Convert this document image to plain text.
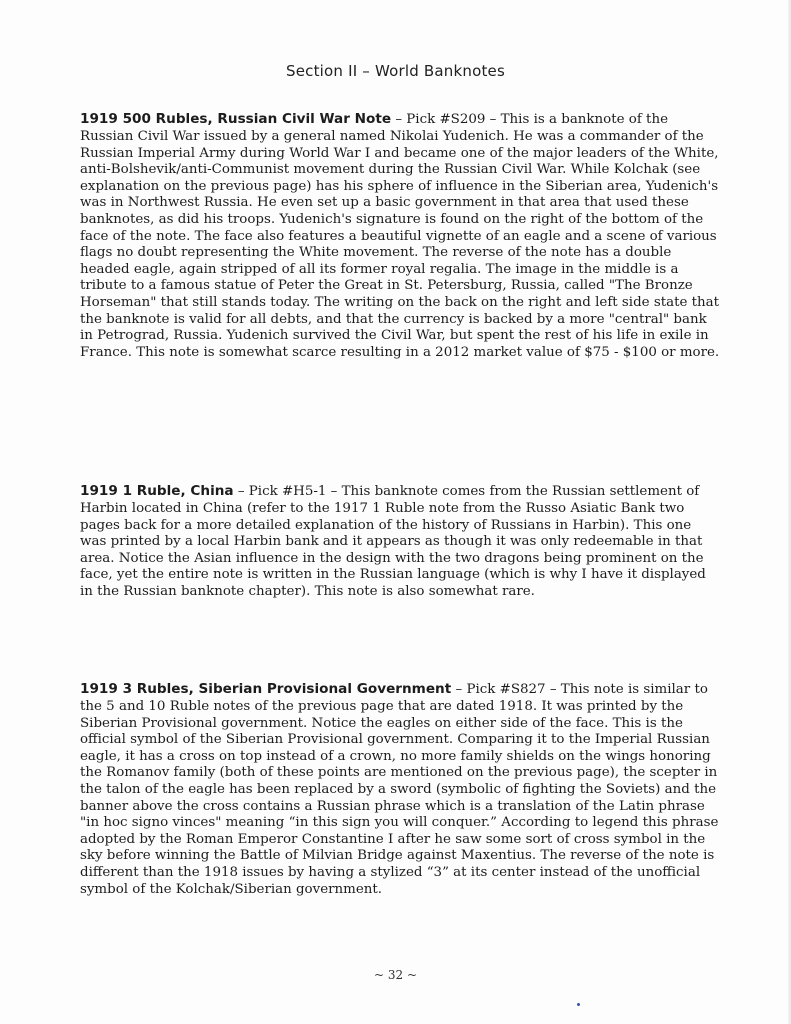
Section II – World Banknotes

1919 500 Rubles, Russian Civil War Note – Pick #S209 – This is a banknote of the Russian Civil War issued by a general named Nikolai Yudenich. He was a commander of the Russian Imperial Army during World War I and became one of the major leaders of the White, anti-Bolshevik/anti-Communist movement during the Russian Civil War. While Kolchak (see explanation on the previous page) has his sphere of influence in the Siberian area, Yudenich's was in Northwest Russia. He even set up a basic government in that area that used these banknotes, as did his troops. Yudenich's signature is found on the right of the bottom of the face of the note. The face also features a beautiful vignette of an eagle and a scene of various flags no doubt representing the White movement. The reverse of the note has a double headed eagle, again stripped of all its former royal regalia. The image in the middle is a tribute to a famous statue of Peter the Great in St. Petersburg, Russia, called "The Bronze Horseman" that still stands today. The writing on the back on the right and left side state that the banknote is valid for all debts, and that the currency is backed by a more "central" bank in Petrograd, Russia. Yudenich survived the Civil War, but spent the rest of his life in exile in France. This note is somewhat scarce resulting in a 2012 market value of $75 - $100 or more.

1919 1 Ruble, China – Pick #H5-1 – This banknote comes from the Russian settlement of Harbin located in China (refer to the 1917 1 Ruble note from the Russo Asiatic Bank two pages back for a more detailed explanation of the history of Russians in Harbin). This one was printed by a local Harbin bank and it appears as though it was only redeemable in that area. Notice the Asian influence in the design with the two dragons being prominent on the face, yet the entire note is written in the Russian language (which is why I have it displayed in the Russian banknote chapter). This note is also somewhat rare.

1919 3 Rubles, Siberian Provisional Government – Pick #S827 – This note is similar to the 5 and 10 Ruble notes of the previous page that are dated 1918. It was printed by the Siberian Provisional government. Notice the eagles on either side of the face. This is the official symbol of the Siberian Provisional government. Comparing it to the Imperial Russian eagle, it has a cross on top instead of a crown, no more family shields on the wings honoring the Romanov family (both of these points are mentioned on the previous page), the scepter in the talon of the eagle has been replaced by a sword (symbolic of fighting the Soviets) and the banner above the cross contains a Russian phrase which is a translation of the Latin phrase "in hoc signo vinces" meaning “in this sign you will conquer.” According to legend this phrase adopted by the Roman Emperor Constantine I after he saw some sort of cross symbol in the sky before winning the Battle of Milvian Bridge against Maxentius. The reverse of the note is different than the 1918 issues by having a stylized “3” at its center instead of the unofficial symbol of the Kolchak/Siberian government.

~ 32 ~
